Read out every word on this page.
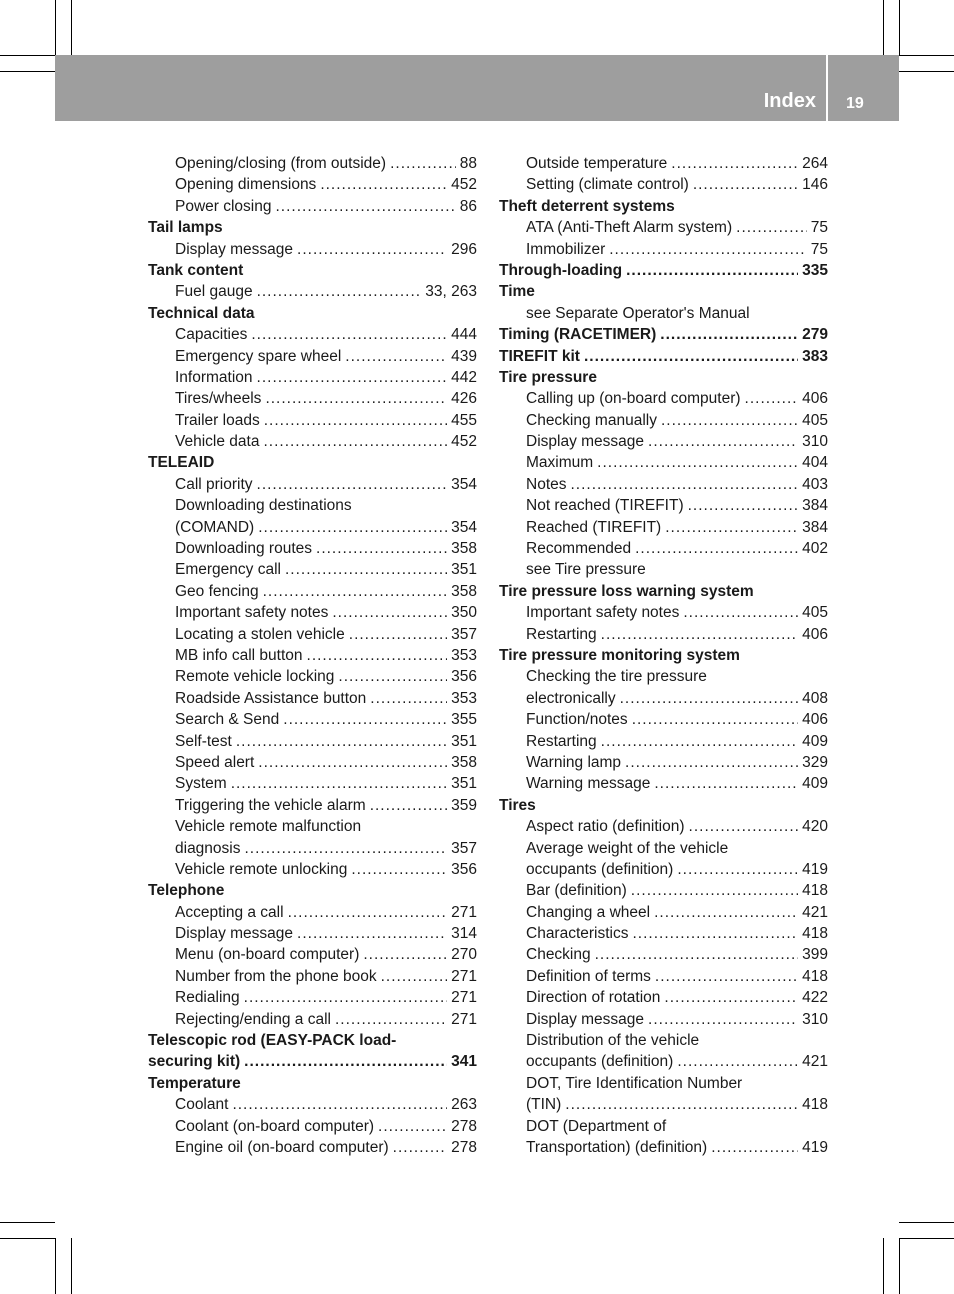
Index 19
Opening/closing (from outside) .....	88
Opening dimensions .....	452
Power closing .....	86
Tail lamps
Display message .....	296
Tank content
Fuel gauge .....	33, 263
Technical data
Capacities .....	444
Emergency spare wheel .....	439
Information .....	442
Tires/wheels .....	426
Trailer loads .....	455
Vehicle data .....	452
TELEAID
Call priority .....	354
Downloading destinations
(COMAND) .....	354
Downloading routes .....	358
Emergency call .....	351
Geo fencing .....	358
Important safety notes .....	350
Locating a stolen vehicle .....	357
MB info call button .....	353
Remote vehicle locking .....	356
Roadside Assistance button .....	353
Search & Send .....	355
Self-test .....	351
Speed alert .....	358
System .....	351
Triggering the vehicle alarm .....	359
Vehicle remote malfunction
diagnosis .....	357
Vehicle remote unlocking .....	356
Telephone
Accepting a call .....	271
Display message .....	314
Menu (on-board computer) .....	270
Number from the phone book .....	271
Redialing .....	271
Rejecting/ending a call .....	271
Telescopic rod (EASY-PACK load-
securing kit) .....	341
Temperature
Coolant .....	263
Coolant (on-board computer) .....	278
Engine oil (on-board computer) .....	278
Outside temperature .....	264
Setting (climate control) .....	146
Theft deterrent systems
ATA (Anti-Theft Alarm system) .....	75
Immobilizer .....	75
Through-loading .....	335
Time
see Separate Operator's Manual
Timing (RACETIMER) .....	279
TIREFIT kit .....	383
Tire pressure
Calling up (on-board computer) .....	406
Checking manually .....	405
Display message .....	310
Maximum .....	404
Notes .....	403
Not reached (TIREFIT) .....	384
Reached (TIREFIT) .....	384
Recommended .....	402
see Tire pressure
Tire pressure loss warning system
Important safety notes .....	405
Restarting .....	406
Tire pressure monitoring system
Checking the tire pressure
electronically .....	408
Function/notes .....	406
Restarting .....	409
Warning lamp .....	329
Warning message .....	409
Tires
Aspect ratio (definition) .....	420
Average weight of the vehicle
occupants (definition) .....	419
Bar (definition) .....	418
Changing a wheel .....	421
Characteristics .....	418
Checking .....	399
Definition of terms .....	418
Direction of rotation .....	422
Display message .....	310
Distribution of the vehicle
occupants (definition) .....	421
DOT, Tire Identification Number
(TIN) .....	418
DOT (Department of
Transportation) (definition) .....	419
